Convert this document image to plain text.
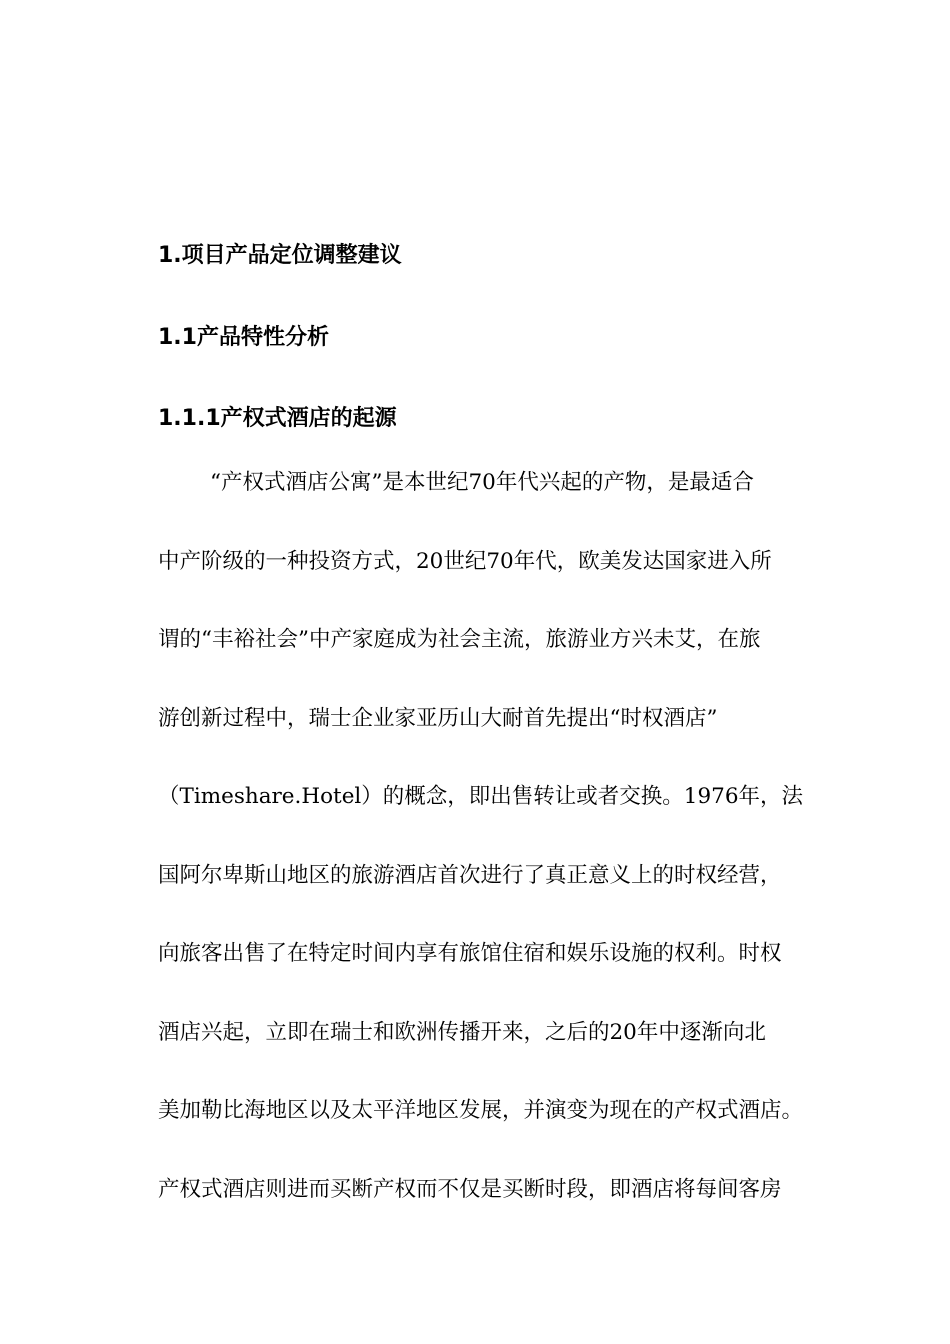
1.项目产品定位调整建议
1.1产品特性分析
1.1.1产权式酒店的起源
“产权式酒店公寓”是本世纪70年代兴起的产物，是最适合
中产阶级的一种投资方式，20世纪70年代，欧美发达国家进入所
谓的“丰裕社会”中产家庭成为社会主流，旅游业方兴未艾，在旅
游创新过程中，瑞士企业家亚历山大耐首先提出“时权酒店”
（Timeshare.Hotel）的概念，即出售转让或者交换。1976年，法
国阿尔卑斯山地区的旅游酒店首次进行了真正意义上的时权经营，
向旅客出售了在特定时间内享有旅馆住宿和娱乐设施的权利。时权
酒店兴起，立即在瑞士和欧洲传播开来，之后的20年中逐渐向北
美加勒比海地区以及太平洋地区发展，并演变为现在的产权式酒店。
产权式酒店则进而买断产权而不仅是买断时段，即酒店将每间客房
